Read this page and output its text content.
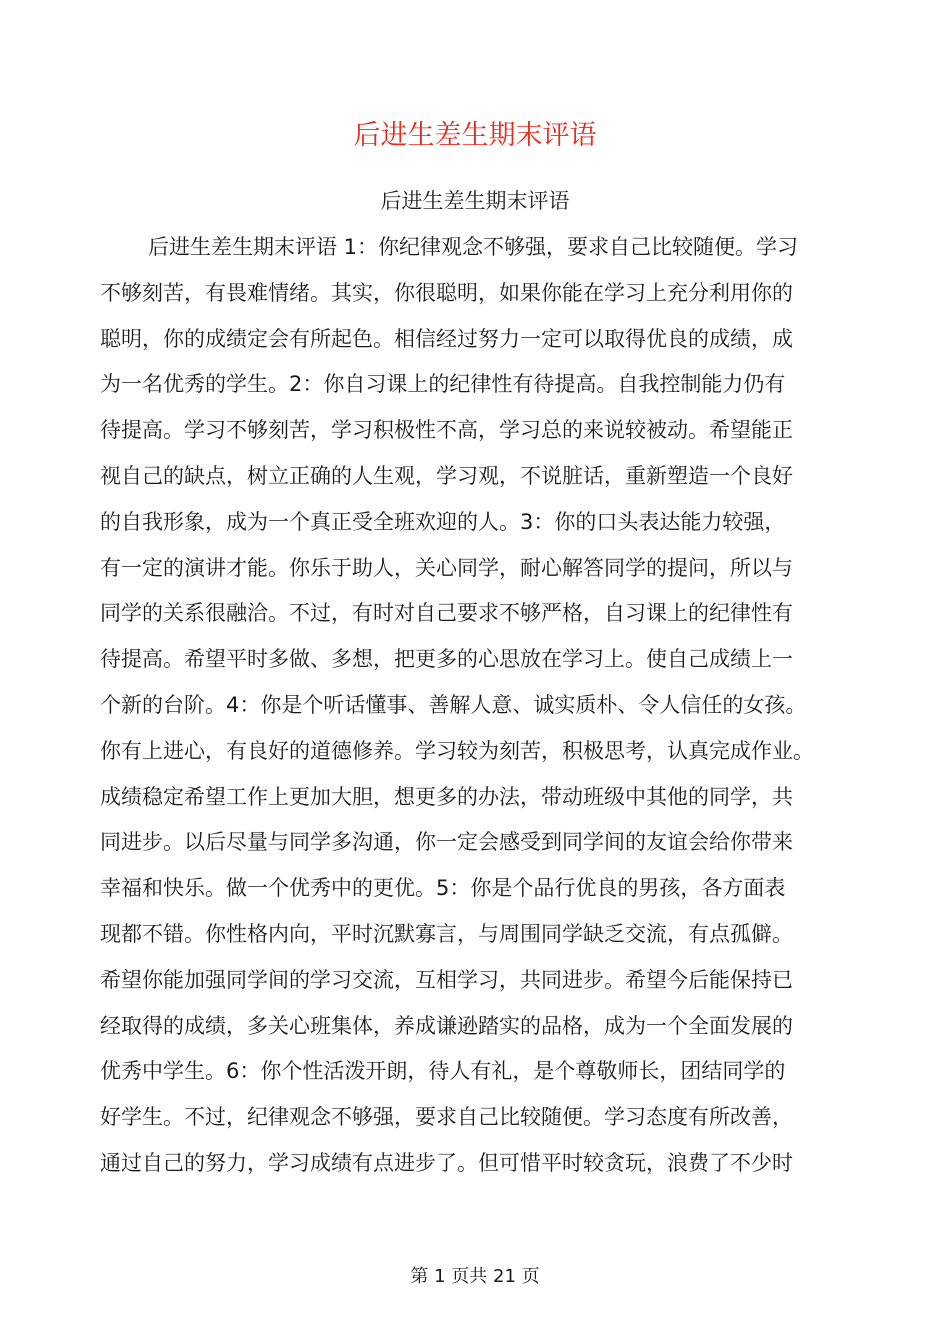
后进生差生期末评语
后进生差生期末评语
后进生差生期末评语 1：你纪律观念不够强，要求自己比较随便。学习
不够刻苦，有畏难情绪。其实，你很聪明，如果你能在学习上充分利用你的
聪明，你的成绩定会有所起色。相信经过努力一定可以取得优良的成绩，成
为一名优秀的学生。2：你自习课上的纪律性有待提高。自我控制能力仍有
待提高。学习不够刻苦，学习积极性不高，学习总的来说较被动。希望能正
视自己的缺点，树立正确的人生观，学习观，不说脏话，重新塑造一个良好
的自我形象，成为一个真正受全班欢迎的人。3：你的口头表达能力较强，
有一定的演讲才能。你乐于助人，关心同学，耐心解答同学的提问，所以与
同学的关系很融洽。不过，有时对自己要求不够严格，自习课上的纪律性有
待提高。希望平时多做、多想，把更多的心思放在学习上。使自己成绩上一
个新的台阶。4：你是个听话懂事、善解人意、诚实质朴、令人信任的女孩。
你有上进心，有良好的道德修养。学习较为刻苦，积极思考，认真完成作业。
成绩稳定希望工作上更加大胆，想更多的办法，带动班级中其他的同学，共
同进步。以后尽量与同学多沟通，你一定会感受到同学间的友谊会给你带来
幸福和快乐。做一个优秀中的更优。5：你是个品行优良的男孩，各方面表
现都不错。你性格内向，平时沉默寡言，与周围同学缺乏交流，有点孤僻。
希望你能加强同学间的学习交流，互相学习，共同进步。希望今后能保持已
经取得的成绩，多关心班集体，养成谦逊踏实的品格，成为一个全面发展的
优秀中学生。6：你个性活泼开朗，待人有礼，是个尊敬师长，团结同学的
好学生。不过，纪律观念不够强，要求自己比较随便。学习态度有所改善，
通过自己的努力，学习成绩有点进步了。但可惜平时较贪玩，浪费了不少时
第 1 页共 21 页
